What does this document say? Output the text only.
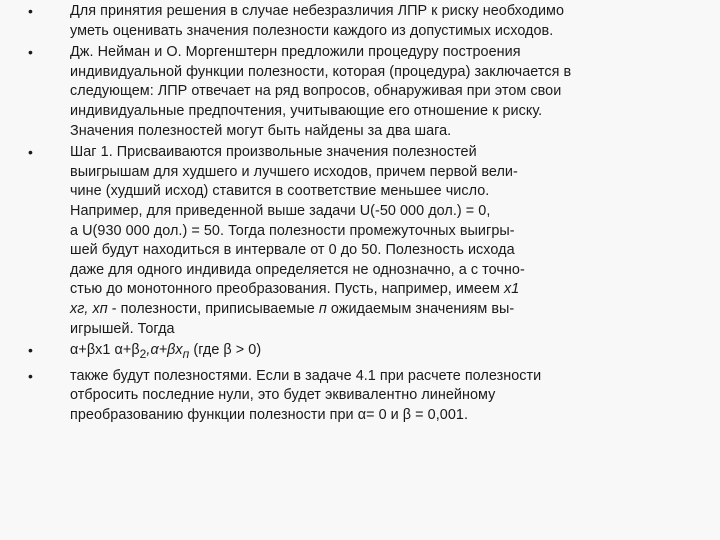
•	Для принятия решения в случае небезразличия ЛПР к риску необходимо
уметь оценивать значения полезности каждого из допустимых исходов.
•	Дж. Нейман и О. Моргенштерн предложили процедуру построения
индивидуальной функции полезности, которая (процедура) заключается в
следующем: ЛПР отвечает на ряд вопросов, обнаруживая при этом свои
индивидуальные предпочтения, учитывающие его отношение к риску.
Значения полезностей могут быть найдены за два шага.
•	Шаг 1. Присваиваются произвольные значения полезностей
выигрышам для худшего и лучшего исходов, причем первой вели-
чине (худший исход) ставится в соответствие меньшее число.
Например, для приведенной выше задачи U(-50 000 дол.) = 0,
а U(930 000 дол.) = 50. Тогда полезности промежуточных выигры-
шей будут находиться в интервале от 0 до 50. Полезность исхода
даже для одного индивида определяется не однозначно, а с точно-
стью до монотонного преобразования. Пусть, например, имеем х1
хг, хп - полезности, приписываемые п ожидаемым значениям вы-
игрышей. Тогда
•	α+βх1 $\alpha+\beta_2,\alpha+\beta х_п$ (где β > 0)
•	также будут полезностями. Если в задаче 4.1 при расчете полезности
отбросить последние нули, это будет эквивалентно линейному
преобразованию функции полезности при α= 0 и β = 0,001.
